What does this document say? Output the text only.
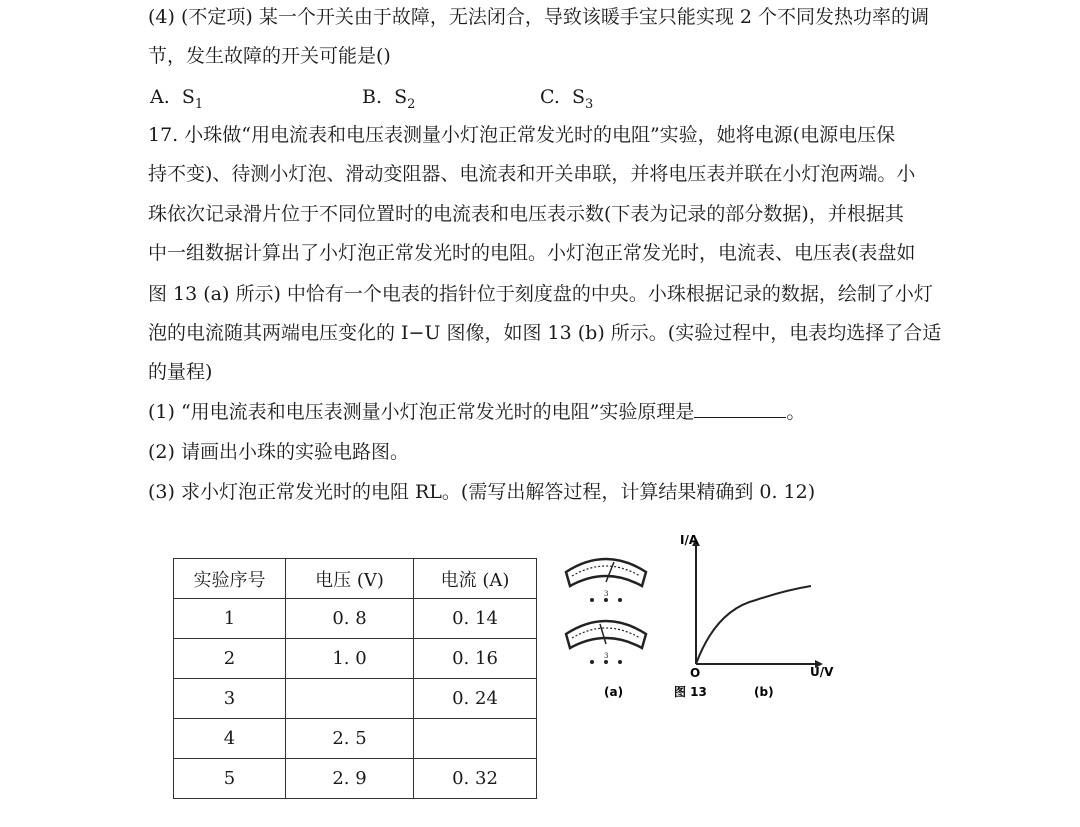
(4) (不定项) 某一个开关由于故障，无法闭合，导致该暖手宝只能实现 2 个不同发热功率的调
节，发生故障的开关可能是()
A. $S_1$	B. $S_2$	C. $S_3$
17. 小珠做“用电流表和电压表测量小灯泡正常发光时的电阻”实验，她将电源(电源电压保
持不变)、待测小灯泡、滑动变阻器、电流表和开关串联，并将电压表并联在小灯泡两端。小
珠依次记录滑片位于不同位置时的电流表和电压表示数(下表为记录的部分数据)，并根据其
中一组数据计算出了小灯泡正常发光时的电阻。小灯泡正常发光时，电流表、电压表(表盘如
图 13 (a) 所示) 中恰有一个电表的指针位于刻度盘的中央。小珠根据记录的数据，绘制了小灯
泡的电流随其两端电压变化的 I−U 图像，如图 13 (b) 所示。(实验过程中，电表均选择了合适
的量程)
(1) “用电流表和电压表测量小灯泡正常发光时的电阻”实验原理是	。
(2) 请画出小珠的实验电路图。
(3) 求小灯泡正常发光时的电阻 RL。(需写出解答过程，计算结果精确到 0. 12)
实验序号	电压 (V)	电流 (A)
1	0. 8	0. 14
2	1. 0	0. 16
3		0. 24
4	2. 5	
5	2. 9	0. 32
3
3
I/A
U/V
O
(a)	图 13	(b)
